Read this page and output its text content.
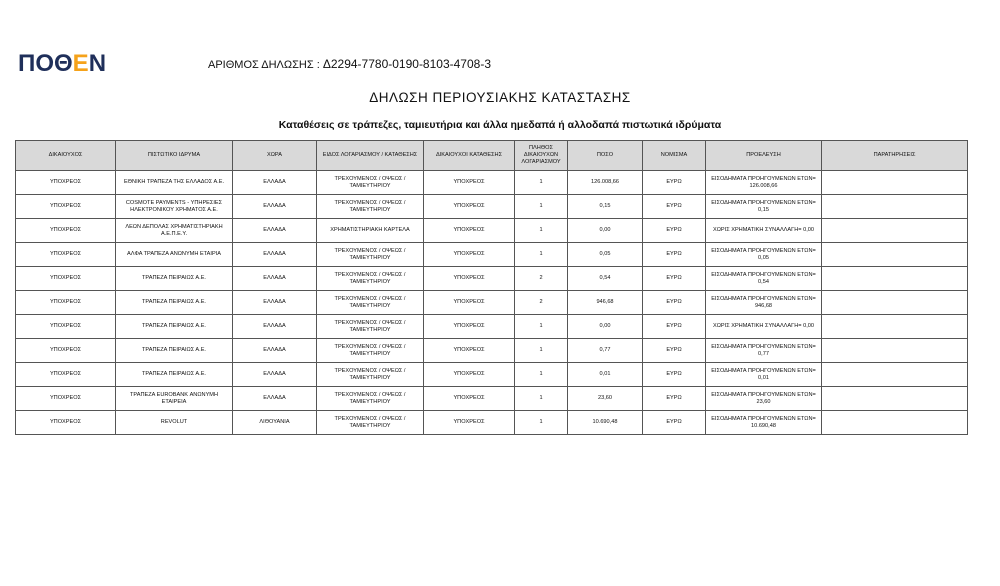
ΠΟΘΕΝ	ΑΡΙΘΜΟΣ ΔΗΛΩΣΗΣ : Δ2294-7780-0190-8103-4708-3
ΔΗΛΩΣΗ ΠΕΡΙΟΥΣΙΑΚΗΣ ΚΑΤΑΣΤΑΣΗΣ
Καταθέσεις σε τράπεζες, ταμιευτήρια και άλλα ημεδαπά ή αλλοδαπά πιστωτικά ιδρύματα
ΔΙΚΑΙΟΥΧΟΣ	ΠΙΣΤΩΤΙΚΟ ΙΔΡΥΜΑ	ΧΩΡΑ	ΕΙΔΟΣ ΛΟΓΑΡΙΑΣΜΟΥ / ΚΑΤΑΘΕΣΗΣ	ΔΙΚΑΙΟΥΧΟΙ ΚΑΤΑΘΕΣΗΣ	ΠΛΗΘΟΣ ΔΙΚΑΙΟΥΧΩΝ ΛΟΓΑΡΙΑΣΜΟΥ	ΠΟΣΟ	ΝΟΜΙΣΜΑ	ΠΡΟΕΛΕΥΣΗ	ΠΑΡΑΤΗΡΗΣΕΙΣ
ΥΠΟΧΡΕΟΣ	ΕΘΝΙΚΗ ΤΡΑΠΕΖΑ ΤΗΣ ΕΛΛΑΔΟΣ Α.Ε.	ΕΛΛΑΔΑ	ΤΡΕΧΟΥΜΕΝΟΣ / ΟΨΕΩΣ / ΤΑΜΙΕΥΤΗΡΙΟΥ	ΥΠΟΧΡΕΟΣ	1	126.008,66	ΕΥΡΩ	ΕΙΣΟΔΗΜΑΤΑ ΠΡΟΗΓΟΥΜΕΝΩΝ ΕΤΩΝ= 126.008,66	
ΥΠΟΧΡΕΟΣ	COSMOTE PAYMENTS - ΥΠΗΡΕΣΙΕΣ ΗΛΕΚΤΡΟΝΙΚΟΥ ΧΡΗΜΑΤΟΣ Α.Ε.	ΕΛΛΑΔΑ	ΤΡΕΧΟΥΜΕΝΟΣ / ΟΨΕΩΣ / ΤΑΜΙΕΥΤΗΡΙΟΥ	ΥΠΟΧΡΕΟΣ	1	0,15	ΕΥΡΩ	ΕΙΣΟΔΗΜΑΤΑ ΠΡΟΗΓΟΥΜΕΝΩΝ ΕΤΩΝ= 0,15	
ΥΠΟΧΡΕΟΣ	ΛΕΩΝ ΔΕΠΟΛΑΣ ΧΡΗΜΑΤΙΣΤΗΡΙΑΚΗ Α.Ε.Π.Ε.Υ.	ΕΛΛΑΔΑ	ΧΡΗΜΑΤΙΣΤΗΡΙΑΚΗ ΚΑΡΤΕΛΑ	ΥΠΟΧΡΕΟΣ	1	0,00	ΕΥΡΩ	ΧΩΡΙΣ ΧΡΗΜΑΤΙΚΗ ΣΥΝΑΛΛΑΓΗ= 0,00	
ΥΠΟΧΡΕΟΣ	ΑΛΦΑ ΤΡΑΠΕΖΑ ΑΝΩΝΥΜΗ ΕΤΑΙΡΙΑ	ΕΛΛΑΔΑ	ΤΡΕΧΟΥΜΕΝΟΣ / ΟΨΕΩΣ / ΤΑΜΙΕΥΤΗΡΙΟΥ	ΥΠΟΧΡΕΟΣ	1	0,05	ΕΥΡΩ	ΕΙΣΟΔΗΜΑΤΑ ΠΡΟΗΓΟΥΜΕΝΩΝ ΕΤΩΝ= 0,05	
ΥΠΟΧΡΕΟΣ	ΤΡΑΠΕΖΑ ΠΕΙΡΑΙΩΣ Α.Ε.	ΕΛΛΑΔΑ	ΤΡΕΧΟΥΜΕΝΟΣ / ΟΨΕΩΣ / ΤΑΜΙΕΥΤΗΡΙΟΥ	ΥΠΟΧΡΕΟΣ	2	0,54	ΕΥΡΩ	ΕΙΣΟΔΗΜΑΤΑ ΠΡΟΗΓΟΥΜΕΝΩΝ ΕΤΩΝ= 0,54	
ΥΠΟΧΡΕΟΣ	ΤΡΑΠΕΖΑ ΠΕΙΡΑΙΩΣ Α.Ε.	ΕΛΛΑΔΑ	ΤΡΕΧΟΥΜΕΝΟΣ / ΟΨΕΩΣ / ΤΑΜΙΕΥΤΗΡΙΟΥ	ΥΠΟΧΡΕΟΣ	2	946,68	ΕΥΡΩ	ΕΙΣΟΔΗΜΑΤΑ ΠΡΟΗΓΟΥΜΕΝΩΝ ΕΤΩΝ= 946,68	
ΥΠΟΧΡΕΟΣ	ΤΡΑΠΕΖΑ ΠΕΙΡΑΙΩΣ Α.Ε.	ΕΛΛΑΔΑ	ΤΡΕΧΟΥΜΕΝΟΣ / ΟΨΕΩΣ / ΤΑΜΙΕΥΤΗΡΙΟΥ	ΥΠΟΧΡΕΟΣ	1	0,00	ΕΥΡΩ	ΧΩΡΙΣ ΧΡΗΜΑΤΙΚΗ ΣΥΝΑΛΛΑΓΗ= 0,00	
ΥΠΟΧΡΕΟΣ	ΤΡΑΠΕΖΑ ΠΕΙΡΑΙΩΣ Α.Ε.	ΕΛΛΑΔΑ	ΤΡΕΧΟΥΜΕΝΟΣ / ΟΨΕΩΣ / ΤΑΜΙΕΥΤΗΡΙΟΥ	ΥΠΟΧΡΕΟΣ	1	0,77	ΕΥΡΩ	ΕΙΣΟΔΗΜΑΤΑ ΠΡΟΗΓΟΥΜΕΝΩΝ ΕΤΩΝ= 0,77	
ΥΠΟΧΡΕΟΣ	ΤΡΑΠΕΖΑ ΠΕΙΡΑΙΩΣ Α.Ε.	ΕΛΛΑΔΑ	ΤΡΕΧΟΥΜΕΝΟΣ / ΟΨΕΩΣ / ΤΑΜΙΕΥΤΗΡΙΟΥ	ΥΠΟΧΡΕΟΣ	1	0,01	ΕΥΡΩ	ΕΙΣΟΔΗΜΑΤΑ ΠΡΟΗΓΟΥΜΕΝΩΝ ΕΤΩΝ= 0,01	
ΥΠΟΧΡΕΟΣ	ΤΡΑΠΕΖΑ EUROBANK ΑΝΩΝΥΜΗ ΕΤΑΙΡΕΙΑ	ΕΛΛΑΔΑ	ΤΡΕΧΟΥΜΕΝΟΣ / ΟΨΕΩΣ / ΤΑΜΙΕΥΤΗΡΙΟΥ	ΥΠΟΧΡΕΟΣ	1	23,60	ΕΥΡΩ	ΕΙΣΟΔΗΜΑΤΑ ΠΡΟΗΓΟΥΜΕΝΩΝ ΕΤΩΝ= 23,60	
ΥΠΟΧΡΕΟΣ	REVOLUT	ΛΙΘΟΥΑΝΙΑ	ΤΡΕΧΟΥΜΕΝΟΣ / ΟΨΕΩΣ / ΤΑΜΙΕΥΤΗΡΙΟΥ	ΥΠΟΧΡΕΟΣ	1	10.690,48	ΕΥΡΩ	ΕΙΣΟΔΗΜΑΤΑ ΠΡΟΗΓΟΥΜΕΝΩΝ ΕΤΩΝ= 10.690,48	
